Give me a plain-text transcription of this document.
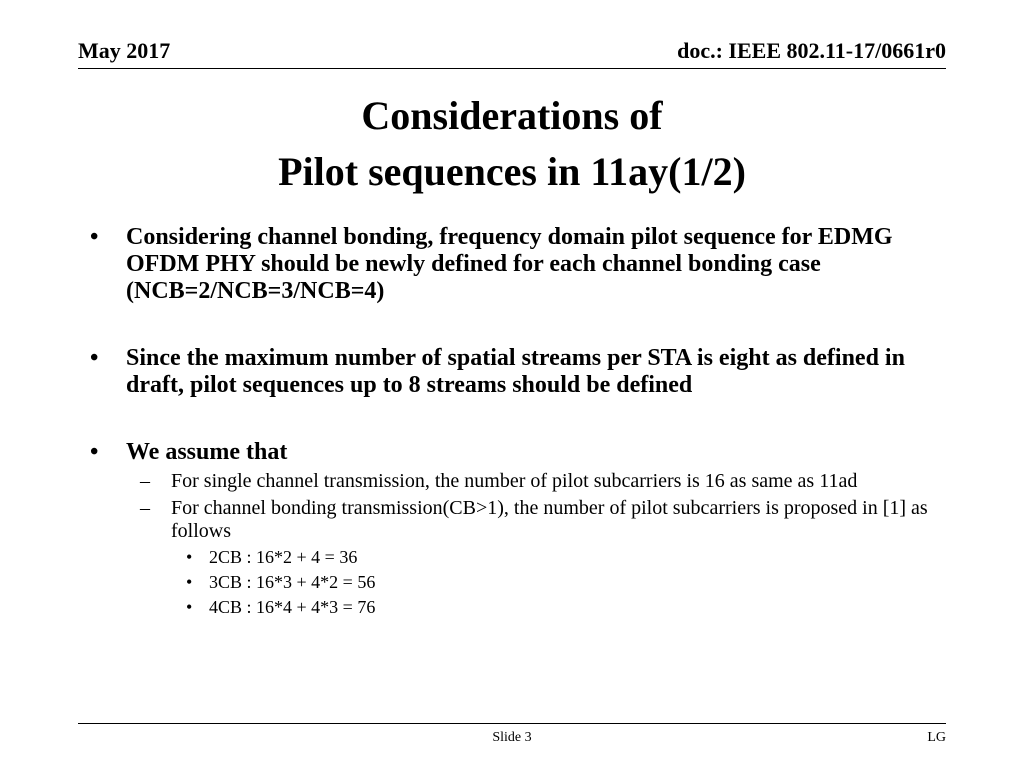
May 2017	doc.: IEEE 802.11-17/0661r0
Considerations of
Pilot sequences in 11ay(1/2)
• Considering channel bonding, frequency domain pilot sequence for EDMG OFDM PHY should be newly defined for each channel bonding case (NCB=2/NCB=3/NCB=4)
• Since the maximum number of spatial streams per STA is eight as defined in draft, pilot sequences up to 8 streams should be defined
• We assume that
– For single channel transmission, the number of pilot subcarriers is 16 as same as 11ad
– For channel bonding transmission(CB>1), the number of pilot subcarriers is proposed in [1] as follows
• 2CB : 16*2 + 4 = 36
• 3CB : 16*3 + 4*2 = 56
• 4CB : 16*4 + 4*3 = 76
Slide 3	LG
